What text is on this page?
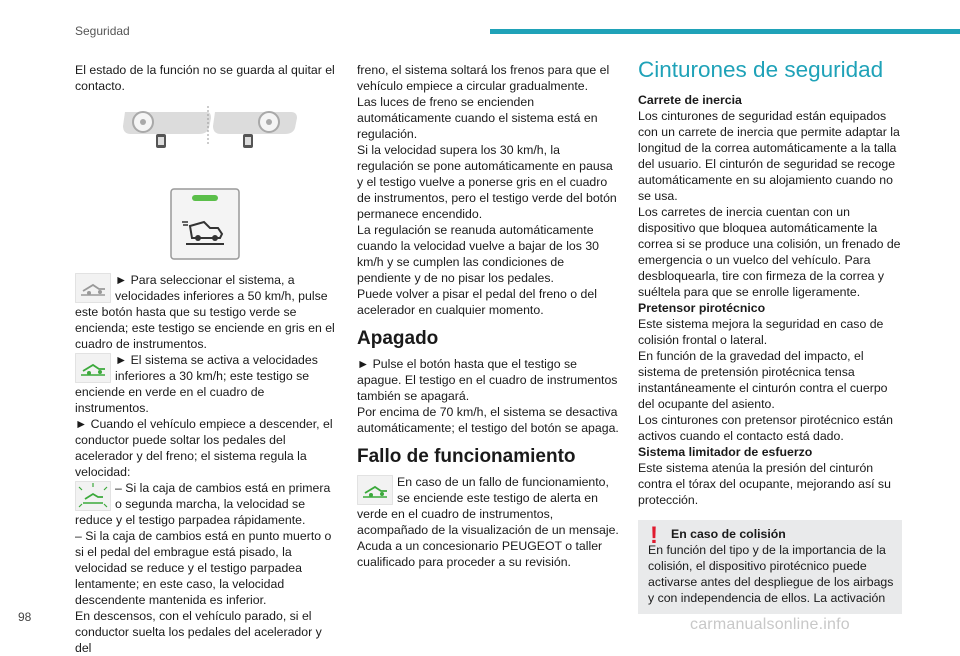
Seguridad

El estado de la función no se guarda al quitar el contacto.

► Para seleccionar el sistema, a velocidades inferiores a 50 km/h, pulse este botón hasta que su testigo verde se encienda; este testigo se enciende en gris en el cuadro de instrumentos.

► El sistema se activa a velocidades inferiores a 30 km/h; este testigo se enciende en verde en el cuadro de instrumentos.

► Cuando el vehículo empiece a descender, el conductor puede soltar los pedales del acelerador y del freno; el sistema regula la velocidad:

– Si la caja de cambios está en primera o segunda marcha, la velocidad se reduce y el testigo parpadea rápidamente.

– Si la caja de cambios está en punto muerto o si el pedal del embrague está pisado, la velocidad se reduce y el testigo parpadea lentamente; en este caso, la velocidad descendente mantenida es inferior.

En descensos, con el vehículo parado, si el conductor suelta los pedales del acelerador y del

freno, el sistema soltará los frenos para que el vehículo empiece a circular gradualmente.

Las luces de freno se encienden automáticamente cuando el sistema está en regulación.

Si la velocidad supera los 30 km/h, la regulación se pone automáticamente en pausa y el testigo vuelve a ponerse gris en el cuadro de instrumentos, pero el testigo verde del botón permanece encendido.

La regulación se reanuda automáticamente cuando la velocidad vuelve a bajar de los 30 km/h y se cumplen las condiciones de pendiente y de no pisar los pedales.

Puede volver a pisar el pedal del freno o del acelerador en cualquier momento.

Apagado

► Pulse el botón hasta que el testigo se apague. El testigo en el cuadro de instrumentos también se apagará.

Por encima de 70 km/h, el sistema se desactiva automáticamente; el testigo del botón se apaga.

Fallo de funcionamiento

En caso de un fallo de funcionamiento, se enciende este testigo de alerta en verde en el cuadro de instrumentos, acompañado de la visualización de un mensaje.

Acuda a un concesionario PEUGEOT o taller cualificado para proceder a su revisión.

Cinturones de seguridad

Carrete de inercia

Los cinturones de seguridad están equipados con un carrete de inercia que permite adaptar la longitud de la correa automáticamente a la talla del usuario. El cinturón de seguridad se recoge automáticamente en su alojamiento cuando no se usa.

Los carretes de inercia cuentan con un dispositivo que bloquea automáticamente la correa si se produce una colisión, un frenado de emergencia o un vuelco del vehículo. Para desbloquearla, tire con firmeza de la correa y suéltela para que se enrolle ligeramente.

Pretensor pirotécnico

Este sistema mejora la seguridad en caso de colisión frontal o lateral.

En función de la gravedad del impacto, el sistema de pretensión pirotécnica tensa instantáneamente el cinturón contra el cuerpo del ocupante del asiento.

Los cinturones con pretensor pirotécnico están activos cuando el contacto está dado.

Sistema limitador de esfuerzo

Este sistema atenúa la presión del cinturón contra el tórax del ocupante, mejorando así su protección.

!	En caso de colisión

En función del tipo y de la importancia de la colisión, el dispositivo pirotécnico puede activarse antes del despliegue de los airbags y con independencia de ellos. La activación

98	carmanualsonline.info
